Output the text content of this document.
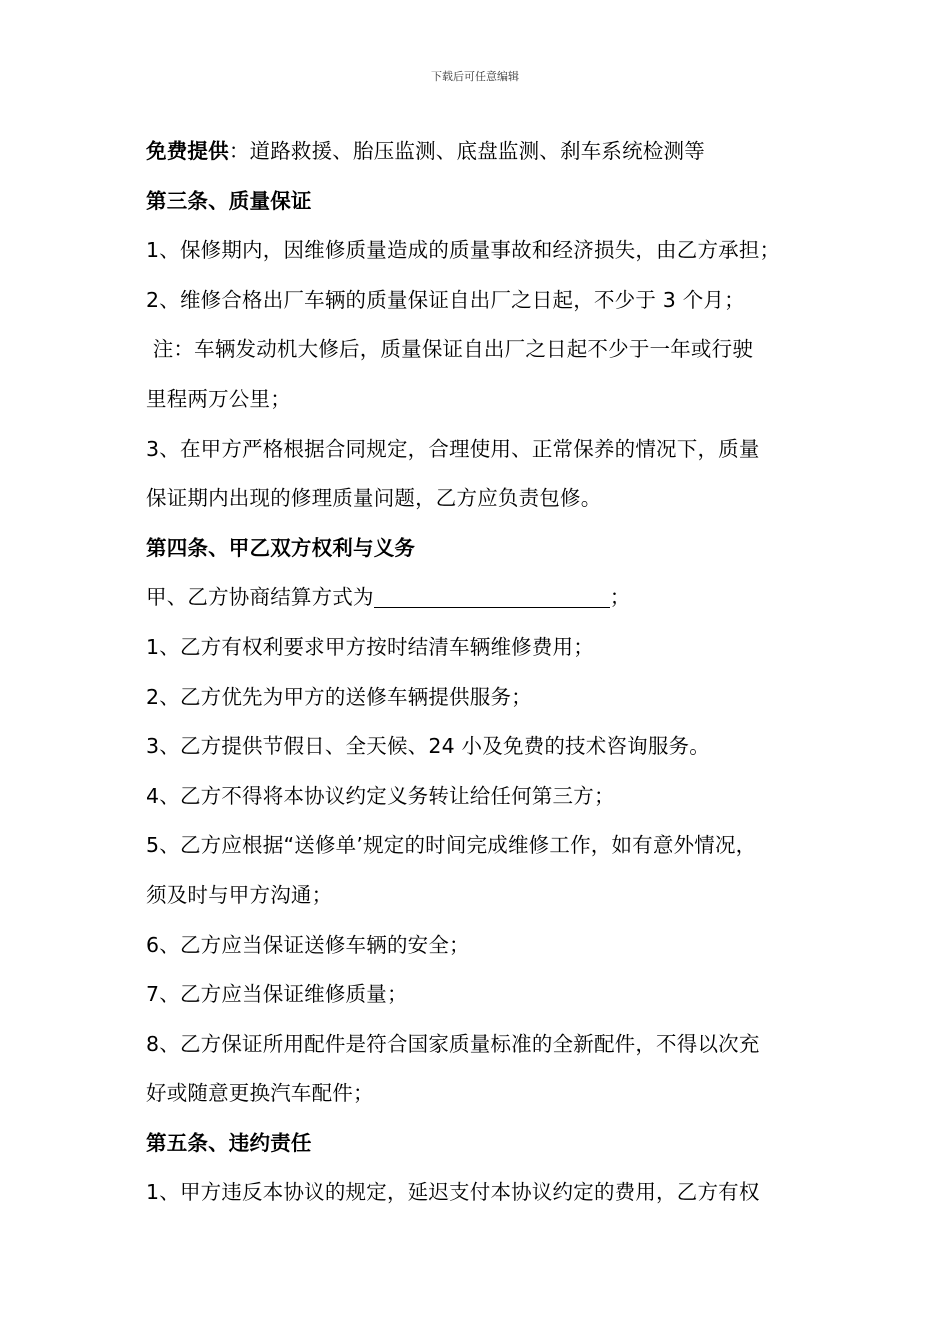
下载后可任意编辑
免费提供：道路救援、胎压监测、底盘监测、刹车系统检测等
第三条、质量保证
1、保修期内，因维修质量造成的质量事故和经济损失，由乙方承担；
2、维修合格出厂车辆的质量保证自出厂之日起，不少于 3 个月；
注：车辆发动机大修后，质量保证自出厂之日起不少于一年或行驶
里程两万公里；
3、在甲方严格根据合同规定，合理使用、正常保养的情况下，质量
保证期内出现的修理质量问题，乙方应负责包修。
第四条、甲乙双方权利与义务
甲、乙方协商结算方式为	；
1、乙方有权利要求甲方按时结清车辆维修费用；
2、乙方优先为甲方的送修车辆提供服务；
3、乙方提供节假日、全天候、24 小及免费的技术咨询服务。
4、乙方不得将本协议约定义务转让给任何第三方；
5、乙方应根据“送修单’规定的时间完成维修工作，如有意外情况，
须及时与甲方沟通；
6、乙方应当保证送修车辆的安全；
7、乙方应当保证维修质量；
8、乙方保证所用配件是符合国家质量标准的全新配件，不得以次充
好或随意更换汽车配件；
第五条、违约责任
1、甲方违反本协议的规定，延迟支付本协议约定的费用，乙方有权
